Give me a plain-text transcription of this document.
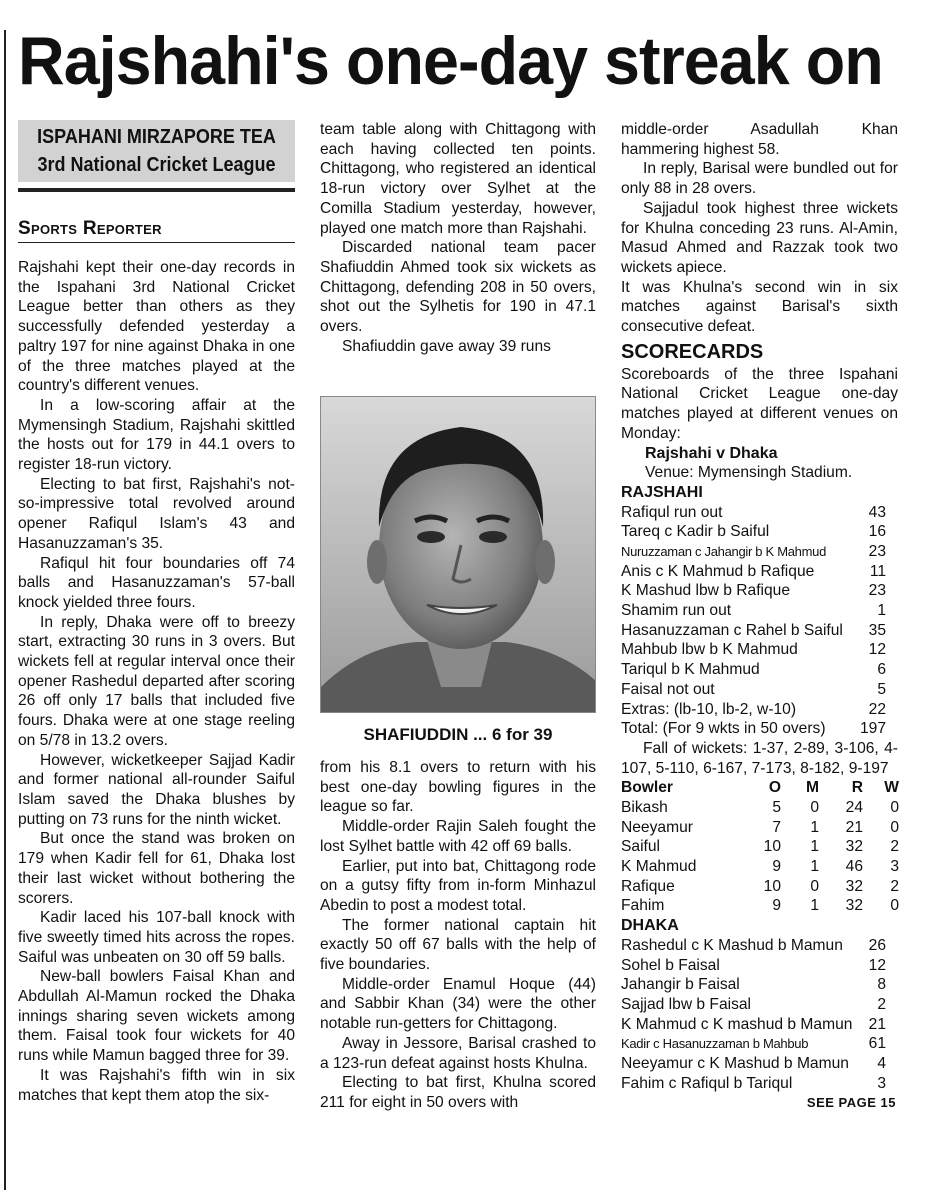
Rajshahi's one-day streak on
ISPAHANI MIRZAPORE TEA
3rd National Cricket League
Sports Reporter

Rajshahi kept their one-day records in the Ispahani 3rd National Cricket League better than others as they successfully defended yesterday a paltry 197 for nine against Dhaka in one of the three matches played at the country's different venues.

In a low-scoring affair at the Mymensingh Stadium, Rajshahi skittled the hosts out for 179 in 44.1 overs to register 18-run victory.

Electing to bat first, Rajshahi's not-so-impressive total revolved around opener Rafiqul Islam's 43 and Hasanuzzaman's 35.

Rafiqul hit four boundaries off 74 balls and Hasanuzzaman's 57-ball knock yielded three fours.

In reply, Dhaka were off to breezy start, extracting 30 runs in 3 overs. But wickets fell at regular interval once their opener Rashedul departed after scoring 26 off only 17 balls that included five fours. Dhaka were at one stage reeling on 5/78 in 13.2 overs.

However, wicketkeeper Sajjad Kadir and former national all-rounder Saiful Islam saved the Dhaka blushes by putting on 73 runs for the ninth wicket.

But once the stand was broken on 179 when Kadir fell for 61, Dhaka lost their last wicket without bothering the scorers.

Kadir laced his 107-ball knock with five sweetly timed hits across the ropes. Saiful was unbeaten on 30 off 59 balls.

New-ball bowlers Faisal Khan and Abdullah Al-Mamun rocked the Dhaka innings sharing seven wickets among them. Faisal took four wickets for 40 runs while Mamun bagged three for 39.

It was Rajshahi's fifth win in six matches that kept them atop the six-

team table along with Chittagong with each having collected ten points. Chittagong, who registered an identical 18-run victory over Sylhet at the Comilla Stadium yesterday, however, played one match more than Rajshahi.

Discarded national team pacer Shafiuddin Ahmed took six wickets as Chittagong, defending 208 in 50 overs, shot out the Sylhetis for 190 in 47.1 overs.

Shafiuddin gave away 39 runs

SHAFIUDDIN ... 6 for 39

from his 8.1 overs to return with his best one-day bowling figures in the league so far.

Middle-order Rajin Saleh fought the lost Sylhet battle with 42 off 69 balls.

Earlier, put into bat, Chittagong rode on a gutsy fifty from in-form Minhazul Abedin to post a modest total.

The former national captain hit exactly 50 off 67 balls with the help of five boundaries.

Middle-order Enamul Hoque (44) and Sabbir Khan (34) were the other notable run-getters for Chittagong.

Away in Jessore, Barisal crashed to a 123-run defeat against hosts Khulna.

Electing to bat first, Khulna scored 211 for eight in 50 overs with

middle-order Asadullah Khan hammering highest 58.

In reply, Barisal were bundled out for only 88 in 28 overs.

Sajjadul took highest three wickets for Khulna conceding 23 runs. Al-Amin, Masud Ahmed and Razzak took two wickets apiece.

It was Khulna's second win in six matches against Barisal's sixth consecutive defeat.

SCORECARDS

Scoreboards of the three Ispahani National Cricket League one-day matches played at different venues on Monday:

Rajshahi v Dhaka
Venue: Mymensingh Stadium.
RAJSHAHI
Rafiqul run out	43
Tareq c Kadir b Saiful	16
Nuruzzaman c Jahangir b K Mahmud	23
Anis c K Mahmud b Rafique	11
K Mashud lbw b Rafique	23
Shamim run out	1
Hasanuzzaman c Rahel b Saiful	35
Mahbub lbw b K Mahmud	12
Tariqul b K Mahmud	6
Faisal not out	5
Extras: (lb-10, lb-2, w-10)	22
Total: (For 9 wkts in 50 overs)	197

Fall of wickets: 1-37, 2-89, 3-106, 4-107, 5-110, 6-167, 7-173, 8-182, 9-197

Bowler	O	M	R	W
Bikash	5	0	24	0
Neeyamur	7	1	21	0
Saiful	10	1	32	2
K Mahmud	9	1	46	3
Rafique	10	0	32	2
Fahim	9	1	32	0
DHAKA
Rashedul c K Mashud b Mamun	26
Sohel b Faisal	12
Jahangir b Faisal	8
Sajjad lbw b Faisal	2
K Mahmud c K mashud b Mamun	21
Kadir c Hasanuzzaman b Mahbub	61
Neeyamur c K Mashud b Mamun	4
Fahim c Rafiqul b Tariqul	3
SEE PAGE 15
